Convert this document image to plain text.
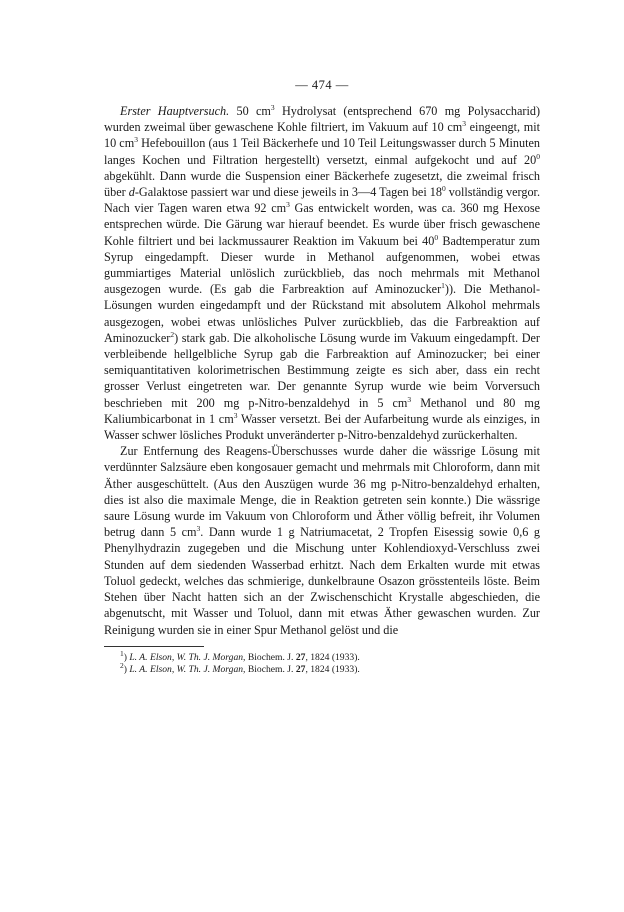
— 474 —

Erster Hauptversuch. 50 $cm^3$ Hydrolysat (entsprechend 670 mg Polysaccharid) wurden zweimal über gewaschene Kohle filtriert, im Vakuum auf 10 $cm^3$ eingeengt, mit 10 $cm^3$ Hefebouillon (aus 1 Teil Bäckerhefe und 10 Teil Leitungswasser durch 5 Minuten langes Kochen und Filtration hergestellt) versetzt, einmal aufgekocht und auf $20^0$ abgekühlt. Dann wurde die Suspension einer Bäckerhefe zugesetzt, die zweimal frisch über d-Galaktose passiert war und diese jeweils in 3—4 Tagen bei $18^0$ vollständig vergor. Nach vier Tagen waren etwa 92 $cm^3$ Gas entwickelt worden, was ca. 360 mg Hexose entsprechen würde. Die Gärung war hierauf beendet. Es wurde über frisch gewaschene Kohle filtriert und bei lackmussaurer Reaktion im Vakuum bei $40^0$ Badtemperatur zum Syrup eingedampft. Dieser wurde in Methanol aufgenommen, wobei etwas gummiartiges Material unlöslich zurückblieb, das noch mehrmals mit Methanol ausgezogen wurde. (Es gab die Farbreaktion auf Aminozucker$^1$)). Die Methanol-Lösungen wurden eingedampft und der Rückstand mit absolutem Alkohol mehrmals ausgezogen, wobei etwas unlösliches Pulver zurückblieb, das die Farbreaktion auf Aminozucker$^2$) stark gab. Die alkoholische Lösung wurde im Vakuum eingedampft. Der verbleibende hellgelbliche Syrup gab die Farbreaktion auf Aminozucker; bei einer semiquantitativen kolorimetrischen Bestimmung zeigte es sich aber, dass ein recht grosser Verlust eingetreten war. Der genannte Syrup wurde wie beim Vorversuch beschrieben mit 200 mg p-Nitro-benzaldehyd in 5 $cm^3$ Methanol und 80 mg Kaliumbicarbonat in 1 $cm^3$ Wasser versetzt. Bei der Aufarbeitung wurde als einziges, in Wasser schwer lösliches Produkt unveränderter p-Nitro-benzaldehyd zurückerhalten.

Zur Entfernung des Reagens-Überschusses wurde daher die wässrige Lösung mit verdünnter Salzsäure eben kongosauer gemacht und mehrmals mit Chloroform, dann mit Äther ausgeschüttelt. (Aus den Auszügen wurde 36 mg p-Nitro-benzaldehyd erhalten, dies ist also die maximale Menge, die in Reaktion getreten sein konnte.) Die wässrige saure Lösung wurde im Vakuum von Chloroform und Äther völlig befreit, ihr Volumen betrug dann 5 $cm^3$. Dann wurde 1 g Natriumacetat, 2 Tropfen Eisessig sowie 0,6 g Phenylhydrazin zugegeben und die Mischung unter Kohlendioxyd-Verschluss zwei Stunden auf dem siedenden Wasserbad erhitzt. Nach dem Erkalten wurde mit etwas Toluol gedeckt, welches das schmierige, dunkelbraune Osazon grösstenteils löste. Beim Stehen über Nacht hatten sich an der Zwischenschicht Krystalle abgeschieden, die abgenutscht, mit Wasser und Toluol, dann mit etwas Äther gewaschen wurden. Zur Reinigung wurden sie in einer Spur Methanol gelöst und die

$^1$) L. A. Elson, W. Th. J. Morgan, Biochem. J. 27, 1824 (1933).

$^2$) L. A. Elson, W. Th. J. Morgan, Biochem. J. 27, 1824 (1933).
